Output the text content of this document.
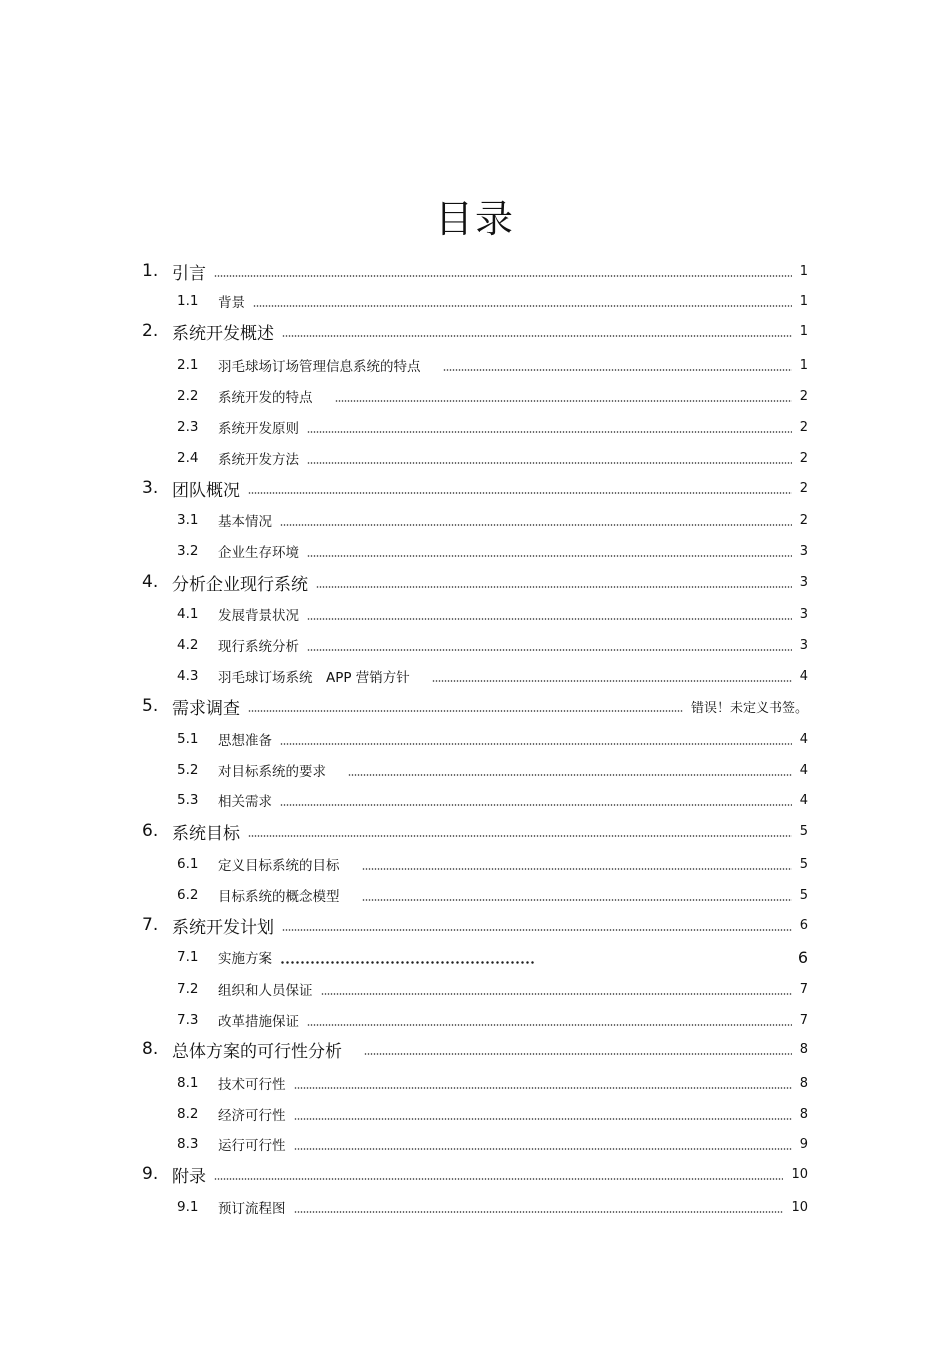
目录
1. 引言	1
1.1	背景	1
2. 系统开发概述	1
2.1	羽毛球场订场管理信息系统的特点	1
2.2	系统开发的特点	2
2.3	系统开发原则	2
2.4	系统开发方法	2
3. 团队概况	2
3.1	基本情况	2
3.2	企业生存环境	3
4. 分析企业现行系统	3
4.1	发展背景状况	3
4.2	现行系统分析	3
4.3	羽毛球订场系统　APP 营销方针	4
5. 需求调查	错误！未定义书签。
5.1	思想准备	4
5.2	对目标系统的要求	4
5.3	相关需求	4
6. 系统目标	5
6.1	定义目标系统的目标	5
6.2	目标系统的概念模型	5
7. 系统开发计划	6
7.1	实施方案	6
7.2	组织和人员保证	7
7.3	改革措施保证	7
8. 总体方案的可行性分析	8
8.1	技术可行性	8
8.2	经济可行性	8
8.3	运行可行性	9
9. 附录	10
9.1	预订流程图	10
